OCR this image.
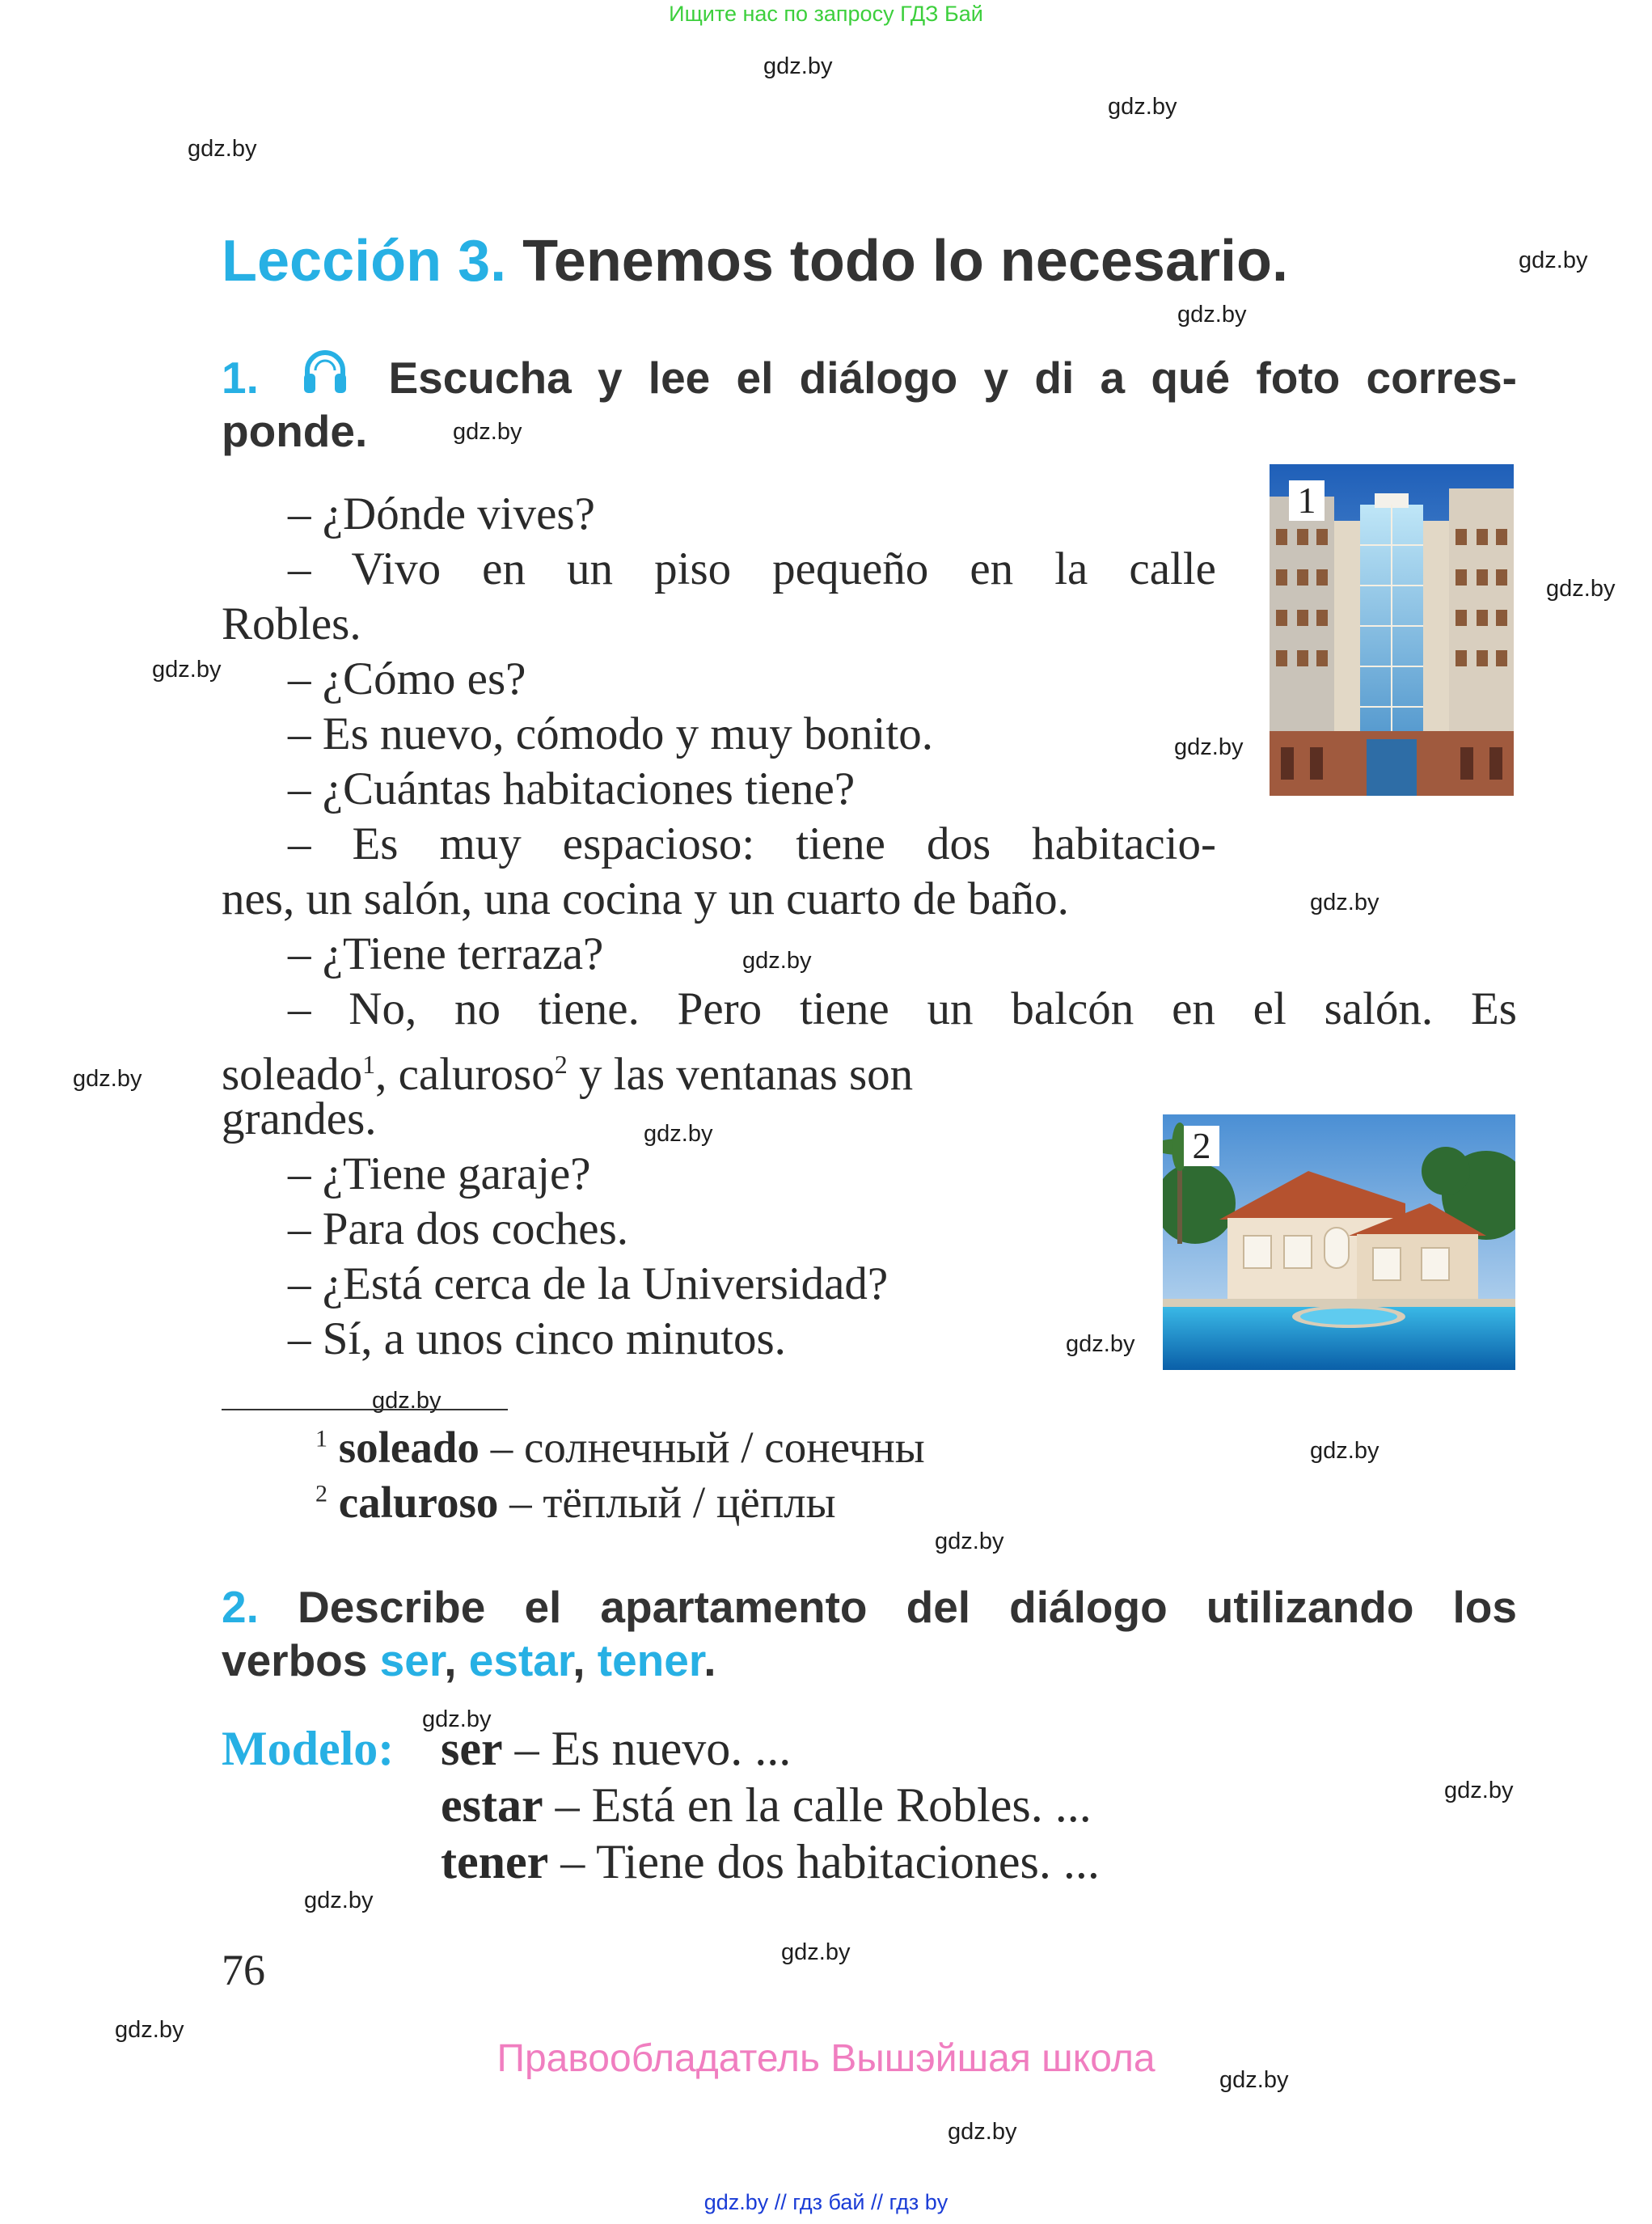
Ищите нас по запросу ГДЗ Бай
gdz.by
gdz.by
gdz.by
gdz.by
gdz.by
gdz.by
gdz.by
gdz.by
gdz.by
gdz.by
gdz.by
gdz.by
gdz.by
gdz.by
gdz.by
gdz.by
gdz.by
gdz.by
gdz.by
gdz.by
gdz.by
gdz.by
gdz.by
gdz.by
Lección 3. Tenemos todo lo necesario.
1.	Escucha y lee el diálogo y di a qué foto corres-
ponde.
– ¿Dónde vives?
– Vivo en un piso pequeño en la calle
Robles.
– ¿Cómo es?
– Es nuevo, cómodo y muy bonito.
– ¿Cuántas habitaciones tiene?
– Es muy espacioso: tiene dos habitacio-
nes, un salón, una cocina y un cuarto de baño.
– ¿Tiene terraza?
– No, no tiene. Pero tiene un balcón en el salón. Es
soleado$^1$, caluroso$^2$ y las ventanas son
grandes.
– ¿Tiene garaje?
– Para dos coches.
– ¿Está cerca de la Universidad?
– Sí, a unos cinco minutos.
1
2
$^1$ soleado – солнечный / сонечны
$^2$ caluroso – тёплый / цёплы
2. Describe el apartamento del diálogo utilizando los
verbos ser, estar, tener.
Modelo: ser – Es nuevo. ...
estar – Está en la calle Robles. ...
tener – Tiene dos habitaciones. ...
76
Правообладатель Вышэйшая школа
gdz.by // гдз бай // гдз by
